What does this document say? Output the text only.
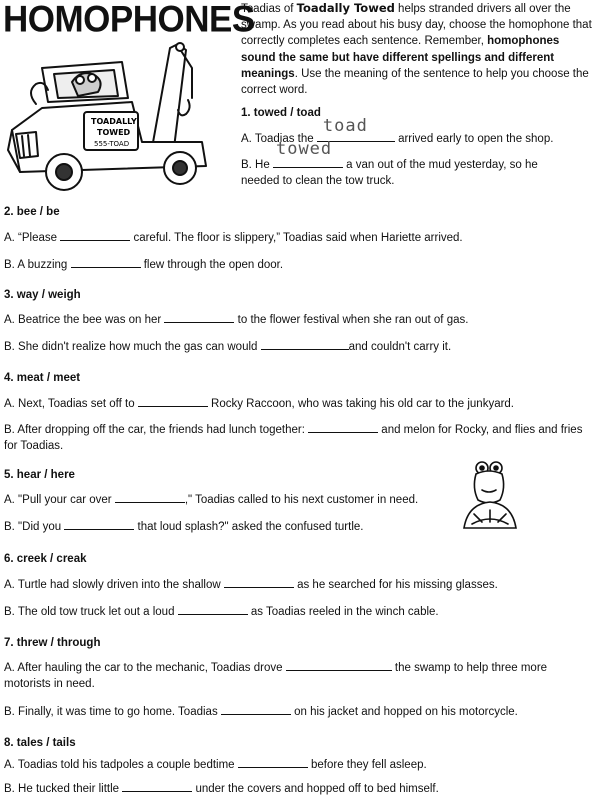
HOMOPHONES
TOADALLY
TOWED
555-TOAD
Toadias of Toadally Towed helps stranded drivers all over the swamp. As you read about his busy day, choose the homophone that correctly completes each sentence. Remember, homophones sound the same but have different spellings and different meanings. Use the meaning of the sentence to help you choose the correct word.
1. towed / toad
A. Toadias the
toad
arrived early to open the shop.
B. He
towed
a van out of the mud yesterday, so he needed to clean the tow truck.
2. bee / be
A. “Please	careful. The floor is slippery,” Toadias said when Hariette arrived.
B. A buzzing	flew through the open door.
3. way / weigh
A. Beatrice the bee was on her	to the flower festival when she ran out of gas.
B. She didn't realize how much the gas can would	and couldn't carry it.
4. meat / meet
A. Next, Toadias set off to	Rocky Raccoon, who was taking his old car to the junkyard.
B. After dropping off the car, the friends had lunch together:	and melon for Rocky, and flies and fries for Toadias.
5. hear / here
A. "Pull your car over	," Toadias called to his next customer in need.
B. "Did you	that loud splash?" asked the confused turtle.
6. creek / creak
A. Turtle had slowly driven into the shallow	as he searched for his missing glasses.
B. The old tow truck let out a loud	as Toadias reeled in the winch cable.
7. threw / through
A. After hauling the car to the mechanic, Toadias drove	the swamp to help three more motorists in need.
B. Finally, it was time to go home. Toadias	on his jacket and hopped on his motorcycle.
8. tales / tails
A. Toadias told his tadpoles a couple bedtime	before they fell asleep.
B. He tucked their little	under the covers and hopped off to bed himself.
